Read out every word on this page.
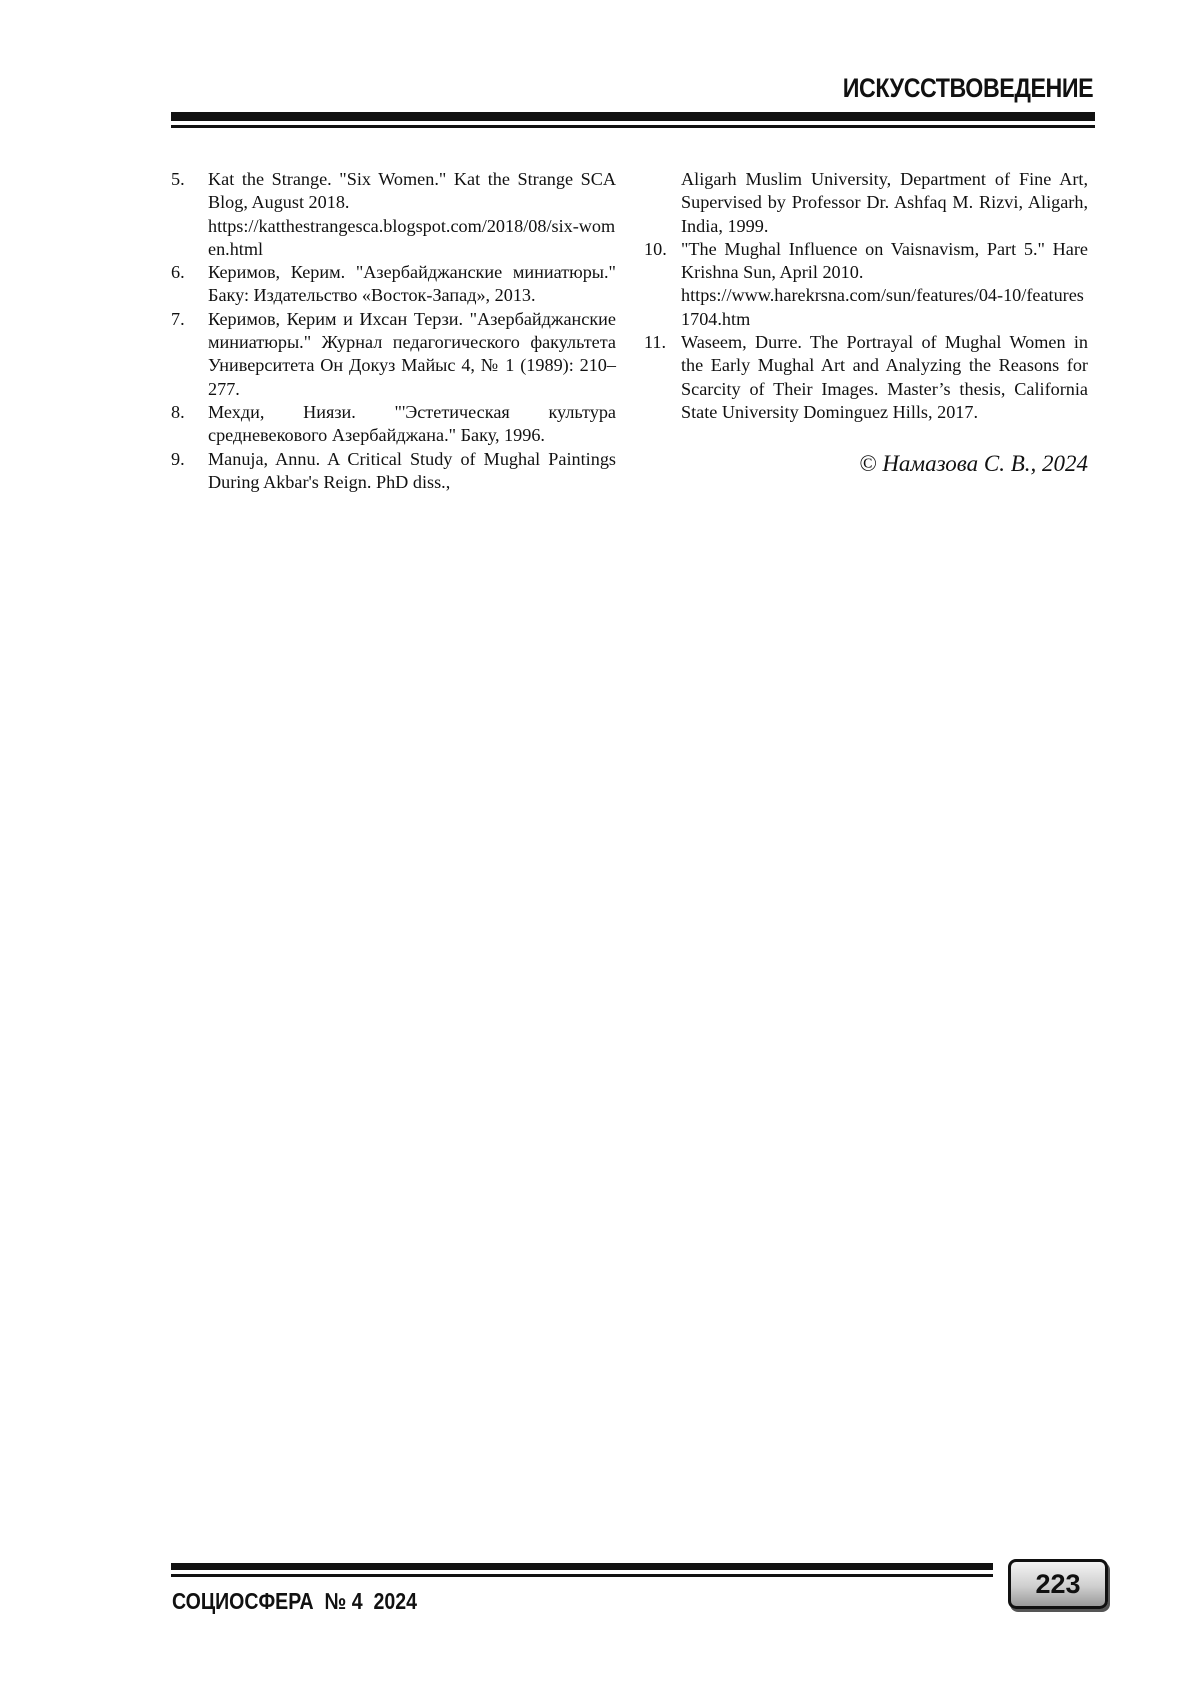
ИСКУССТВОВЕДЕНИЕ
5. Kat the Strange. "Six Women." Kat the Strange SCA Blog, August 2018.
https://katthestrangesca.blogspot.com/2018/08/six-women.html
6. Керимов, Керим. "Азербайджанские миниатюры." Баку: Издательство «Восток-Запад», 2013.
7. Керимов, Керим и Ихсан Терзи. "Азербайджанские миниатюры." Журнал педагогического факультета Университета Он Докуз Майыс 4, № 1 (1989): 210–277.
8. Мехди, Ниязи. "'Эстетическая культура средневекового Азербайджана." Баку, 1996.
9. Manuja, Annu. A Critical Study of Mughal Paintings During Akbar's Reign. PhD diss.,
Aligarh Muslim University, Department of Fine Art, Supervised by Professor Dr. Ashfaq M. Rizvi, Aligarh, India, 1999.
10. "The Mughal Influence on Vaisnavism, Part 5." Hare Krishna Sun, April 2010.
https://www.harekrsna.com/sun/features/04-10/features1704.htm
11. Waseem, Durre. The Portrayal of Mughal Women in the Early Mughal Art and Analyzing the Reasons for Scarcity of Their Images. Master’s thesis, California State University Dominguez Hills, 2017.
© Намазова С. В., 2024
СОЦИОСФЕРА  № 4  2024
223
